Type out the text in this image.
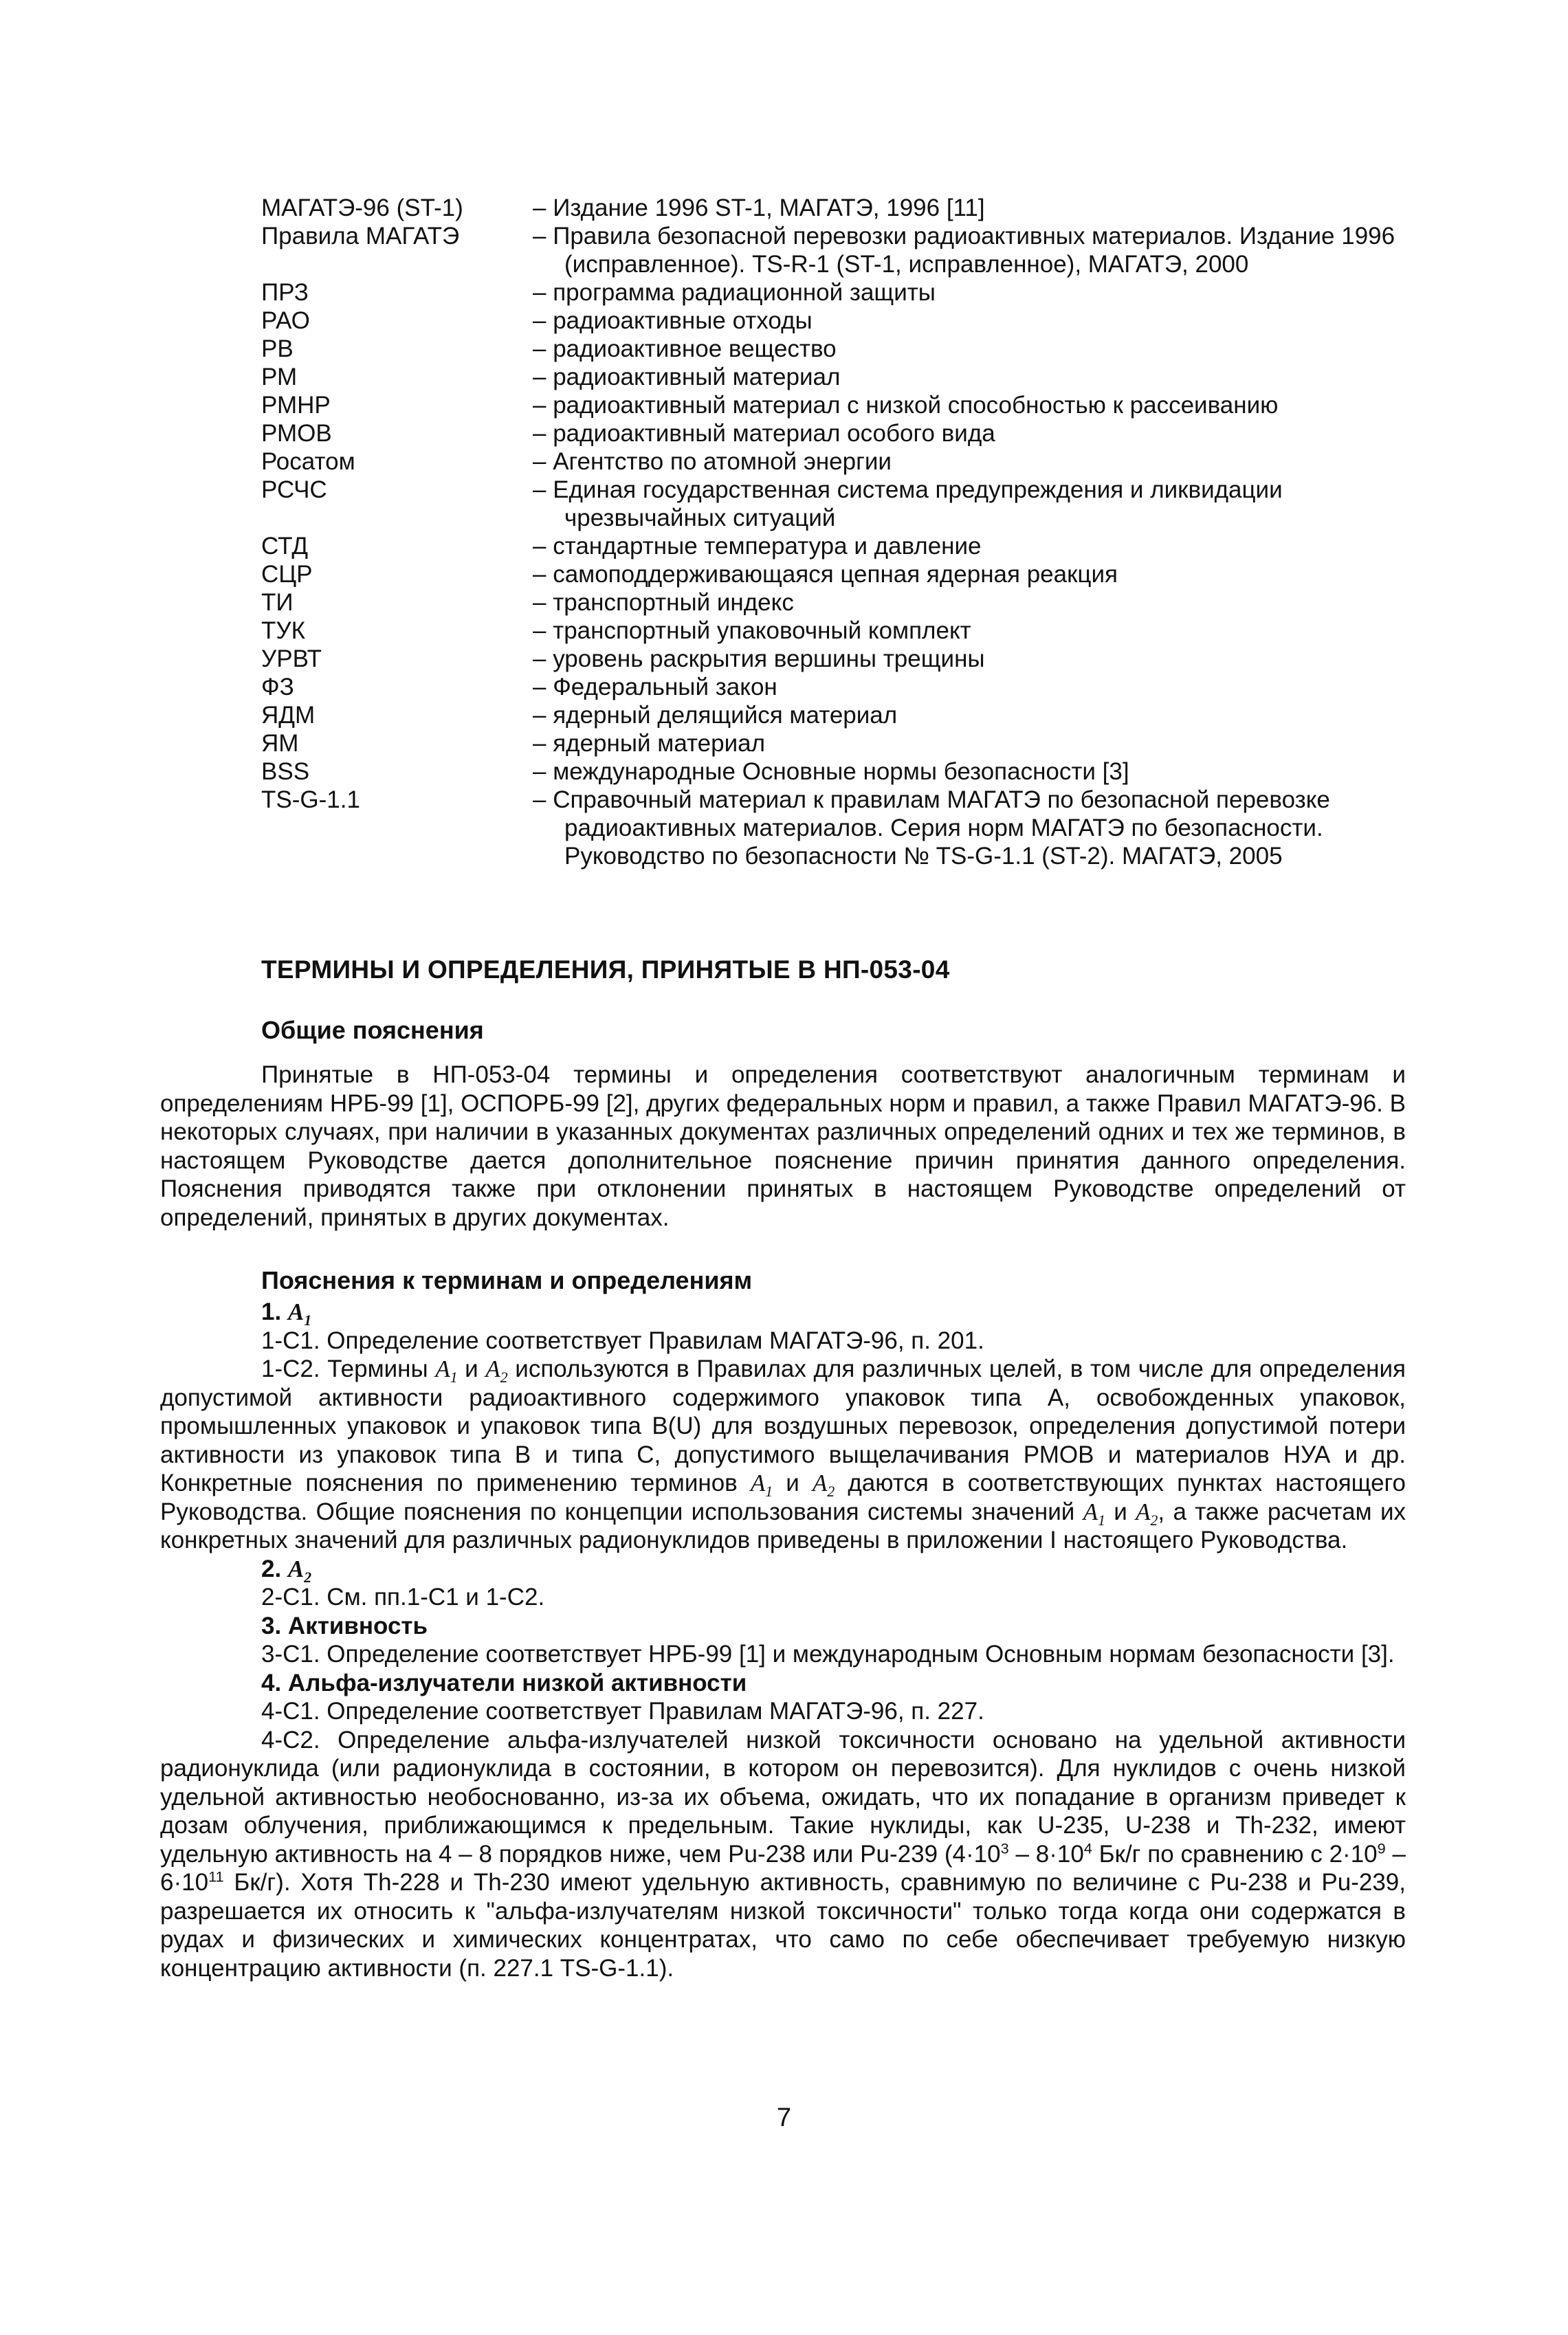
МАГАТЭ-96 (ST-1)	– Издание 1996 ST-1, МАГАТЭ, 1996 [11]
Правила МАГАТЭ	– Правила безопасной перевозки радиоактивных материалов. Издание 1996 (исправленное). TS-R-1 (ST-1, исправленное), МАГАТЭ, 2000
ПРЗ	– программа радиационной защиты
РАО	– радиоактивные отходы
РВ	– радиоактивное вещество
РМ	– радиоактивный материал
РМНР	– радиоактивный материал с низкой способностью к рассеиванию
РМОВ	– радиоактивный материал особого вида
Росатом	– Агентство по атомной энергии
РСЧС	– Единая государственная система предупреждения и ликвидации чрезвычайных ситуаций
СТД	– стандартные температура и давление
СЦР	– самоподдерживающаяся цепная ядерная реакция
ТИ	– транспортный индекс
ТУК	– транспортный упаковочный комплект
УРВТ	– уровень раскрытия вершины трещины
ФЗ	– Федеральный закон
ЯДМ	– ядерный делящийся материал
ЯМ	– ядерный материал
BSS	– международные Основные нормы безопасности [3]
TS-G-1.1	– Справочный материал к правилам МАГАТЭ по безопасной перевозке радиоактивных материалов. Серия норм МАГАТЭ по безопасности. Руководство по безопасности № TS-G-1.1 (ST-2). МАГАТЭ, 2005
ТЕРМИНЫ И ОПРЕДЕЛЕНИЯ, ПРИНЯТЫЕ В НП-053-04
Общие пояснения

Принятые в НП-053-04 термины и определения соответствуют аналогичным терминам и определениям НРБ-99 [1], ОСПОРБ-99 [2], других федеральных норм и правил, а также Правил МАГАТЭ-96. В некоторых случаях, при наличии в указанных документах различных определений одних и тех же терминов, в настоящем Руководстве дается дополнительное пояснение причин принятия данного определения. Пояснения приводятся также при отклонении принятых в настоящем Руководстве определений от определений, принятых в других документах.

Пояснения к терминам и определениям

1. $A_1$

1-С1. Определение соответствует Правилам МАГАТЭ-96, п. 201.

1-С2. Термины $A_1$ и $A_2$ используются в Правилах для различных целей, в том числе для определения допустимой активности радиоактивного содержимого упаковок типа А, освобожденных упаковок, промышленных упаковок и упаковок типа В(U) для воздушных перевозок, определения допустимой потери активности из упаковок типа В и типа С, допустимого выщелачивания РМОВ и материалов НУА и др. Конкретные пояснения по применению терминов $A_1$ и $A_2$ даются в соответствующих пунктах настоящего Руководства. Общие пояснения по концепции использования системы значений $A_1$ и $A_2$, а также расчетам их конкретных значений для различных радионуклидов приведены в приложении I настоящего Руководства.

2. $A_2$

2-С1. См. пп.1-С1 и 1-С2.

3. Активность

3-С1. Определение соответствует НРБ-99 [1] и международным Основным нормам безопасности [3].

4. Альфа-излучатели низкой активности

4-С1. Определение соответствует Правилам МАГАТЭ-96, п. 227.

4-С2. Определение альфа-излучателей низкой токсичности основано на удельной активности радионуклида (или радионуклида в состоянии, в котором он перевозится). Для нуклидов с очень низкой удельной активностью необоснованно, из-за их объема, ожидать, что их попадание в организм приведет к дозам облучения, приближающимся к предельным. Такие нуклиды, как U-235, U-238 и Th-232, имеют удельную активность на 4 – 8 порядков ниже, чем Pu-238 или Pu-239 ($4\cdot 10^3 - 8\cdot 10^4$ Бк/г по сравнению с $2\cdot 10^9 - 6\cdot 10^{11}$ Бк/г). Хотя Th-228 и Th-230 имеют удельную активность, сравнимую по величине с Pu-238 и Pu-239, разрешается их относить к "альфа-излучателям низкой токсичности" только тогда когда они содержатся в рудах и физических и химических концентратах, что само по себе обеспечивает требуемую низкую концентрацию активности (п. 227.1 TS-G-1.1).

7
